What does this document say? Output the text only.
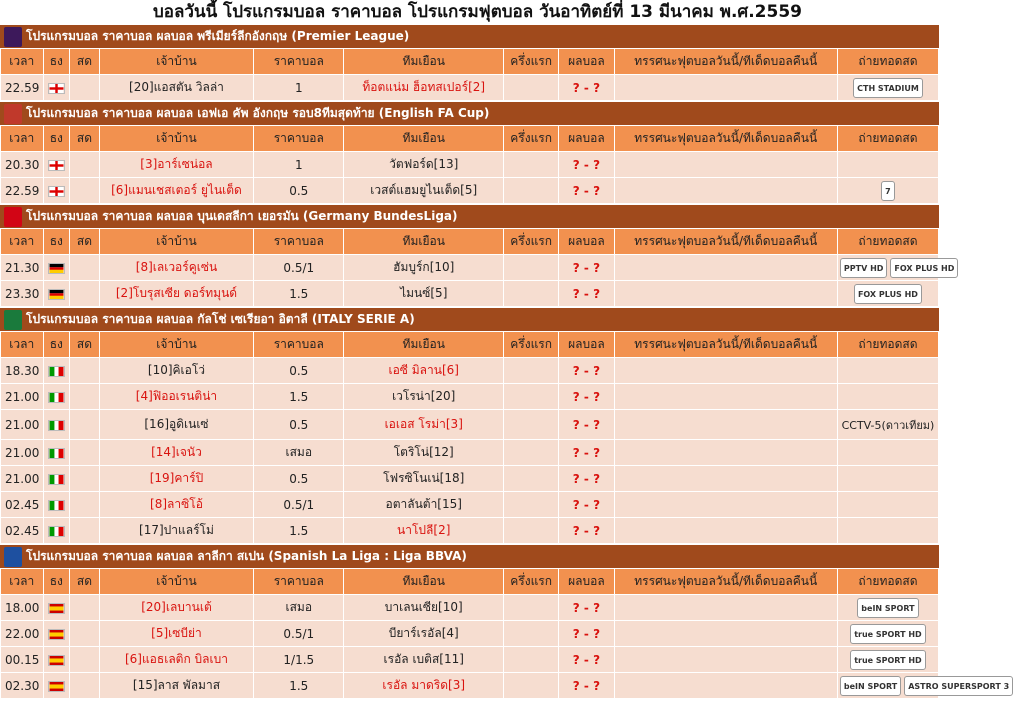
บอลวันนี้ โปรแกรมบอล ราคาบอล โปรแกรมฟุตบอล วันอาทิตย์ที่ 13 มีนาคม พ.ศ.2559
โปรแกรมบอล ราคาบอล ผลบอล พรีเมียร์ลีกอังกฤษ (Premier League)
เวลา	ธง	สด	เจ้าบ้าน	ราคาบอล	ทีมเยือน	ครึ่งแรก	ผลบอล	ทรรศนะฟุตบอลวันนี้/ทีเด็ดบอลคืนนี้	ถ่ายทอดสด
22.59			[20]แอสตัน วิลล่า	1	ท็อตแน่ม ฮ็อทสเปอร์[2]		? - ?		CTH STADIUM
โปรแกรมบอล ราคาบอล ผลบอล เอฟเอ คัพ อังกฤษ รอบ8ทีมสุดท้าย (English FA Cup)
เวลา	ธง	สด	เจ้าบ้าน	ราคาบอล	ทีมเยือน	ครึ่งแรก	ผลบอล	ทรรศนะฟุตบอลวันนี้/ทีเด็ดบอลคืนนี้	ถ่ายทอดสด
20.30			[3]อาร์เซน่อล	1	วัตฟอร์ด[13]		? - ?		
22.59			[6]แมนเชสเตอร์ ยูไนเต็ด	0.5	เวสต์แฮมยูไนเต็ด[5]		? - ?		7
โปรแกรมบอล ราคาบอล ผลบอล บุนเดสลีกา เยอรมัน (Germany BundesLiga)
เวลา	ธง	สด	เจ้าบ้าน	ราคาบอล	ทีมเยือน	ครึ่งแรก	ผลบอล	ทรรศนะฟุตบอลวันนี้/ทีเด็ดบอลคืนนี้	ถ่ายทอดสด
21.30			[8]เลเวอร์คูเซ่น	0.5/1	ฮัมบูร์ก[10]		? - ?		PPTV HD FOX PLUS HD

23.30			[2]โบรุสเซีย ดอร์ทมุนด์	1.5	ไมนซ์[5]		? - ?		FOX PLUS HD
โปรแกรมบอล ราคาบอล ผลบอล กัลโช่ เซเรียอา อิตาลี (ITALY SERIE A)
เวลา	ธง	สด	เจ้าบ้าน	ราคาบอล	ทีมเยือน	ครึ่งแรก	ผลบอล	ทรรศนะฟุตบอลวันนี้/ทีเด็ดบอลคืนนี้	ถ่ายทอดสด
18.30			[10]คิเอโว่	0.5	เอซี มิลาน[6]		? - ?		
21.00			[4]ฟิออเรนติน่า	1.5	เวโรน่า[20]		? - ?		
21.00			[16]อูดิเนเซ่	0.5	เอเอส โรม่า[3]		? - ?		CCTV-5(ดาวเทียม)
21.00			[14]เจนัว	เสมอ	โตริโน่[12]		? - ?		
21.00			[19]คาร์ปิ	0.5	โฟรซิโนเน่[18]		? - ?		
02.45			[8]ลาซิโอ้	0.5/1	อตาลันต้า[15]		? - ?		
02.45			[17]ปาแลร์โม่	1.5	นาโปลี[2]		? - ?		
โปรแกรมบอล ราคาบอล ผลบอล ลาลีกา สเปน (Spanish La Liga : Liga BBVA)
เวลา	ธง	สด	เจ้าบ้าน	ราคาบอล	ทีมเยือน	ครึ่งแรก	ผลบอล	ทรรศนะฟุตบอลวันนี้/ทีเด็ดบอลคืนนี้	ถ่ายทอดสด
18.00			[20]เลบานเต้	เสมอ	บาเลนเซีย[10]		? - ?		beIN SPORT

22.00			[5]เซบีย่า	0.5/1	บียาร์เรอัล[4]		? - ?		true SPORT HD

00.15			[6]แอธเลติก บิลเบา	1/1.5	เรอัล เบติส[11]		? - ?		true SPORT HD

02.30			[15]ลาส พัลมาส	1.5	เรอัล มาดริด[3]		? - ?		beIN SPORT ASTRO SUPERSPORT 3
